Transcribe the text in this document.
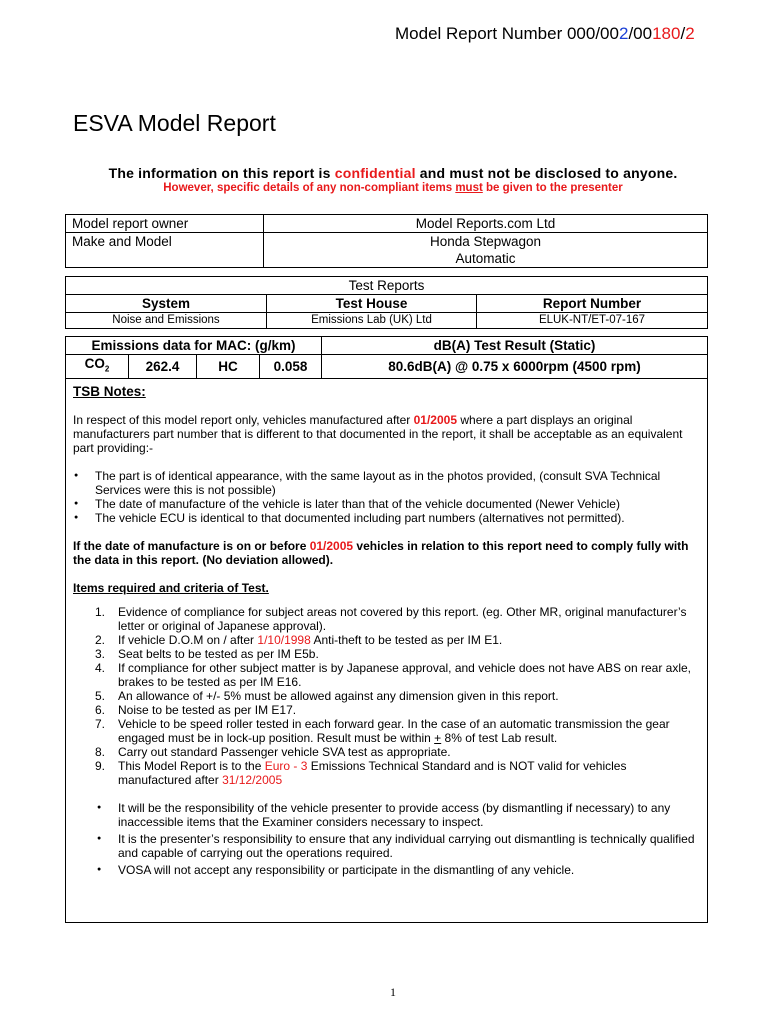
Model Report Number 000/002/00180/2
ESVA Model Report
The information on this report is confidential and must not be disclosed to anyone.
However, specific details of any non-compliant items must be given to the presenter
Model report owner	Model Reports.com Ltd
Make and Model	Honda Stepwagon
Automatic
Test Reports		
System	Test House	Report Number
Noise and Emissions	Emissions Lab (UK) Ltd	ELUK-NT/ET-07-167
Emissions data for MAC: (g/km)				dB(A) Test Result (Static)
$CO_2$	262.4	HC	0.058	80.6dB(A) @ 0.75 x 6000rpm (4500 rpm)

TSB Notes:

In respect of this model report only, vehicles manufactured after 01/2005 where a part displays an original manufacturers part number that is different to that documented in the report, it shall be acceptable as an equivalent part providing:-

● The part is of identical appearance, with the same layout as in the photos provided, (consult SVA Technical Services were this is not possible)
● The date of manufacture of the vehicle is later than that of the vehicle documented (Newer Vehicle)
● The vehicle ECU is identical to that documented including part numbers (alternatives not permitted).

If the date of manufacture is on or before 01/2005 vehicles in relation to this report need to comply fully with the data in this report. (No deviation allowed).

Items required and criteria of Test.

1. Evidence of compliance for subject areas not covered by this report. (eg. Other MR, original manufacturer’s letter or original of Japanese approval).
2. If vehicle D.O.M on / after 1/10/1998 Anti-theft to be tested as per IM E1.
3. Seat belts to be tested as per IM E5b.
4. If compliance for other subject matter is by Japanese approval, and vehicle does not have ABS on rear axle, brakes to be tested as per IM E16.
5. An allowance of +/- 5% must be allowed against any dimension given in this report.
6. Noise to be tested as per IM E17.
7. Vehicle to be speed roller tested in each forward gear. In the case of an automatic transmission the gear engaged must be in lock-up position. Result must be within + 8% of test Lab result.
8. Carry out standard Passenger vehicle SVA test as appropriate.
9. This Model Report is to the Euro - 3 Emissions Technical Standard and is NOT valid for vehicles manufactured after 31/12/2005
● It will be the responsibility of the vehicle presenter to provide access (by dismantling if necessary) to any inaccessible items that the Examiner considers necessary to inspect.
● It is the presenter’s responsibility to ensure that any individual carrying out dismantling is technically qualified and capable of carrying out the operations required.
● VOSA will not accept any responsibility or participate in the dismantling of any vehicle.
1
